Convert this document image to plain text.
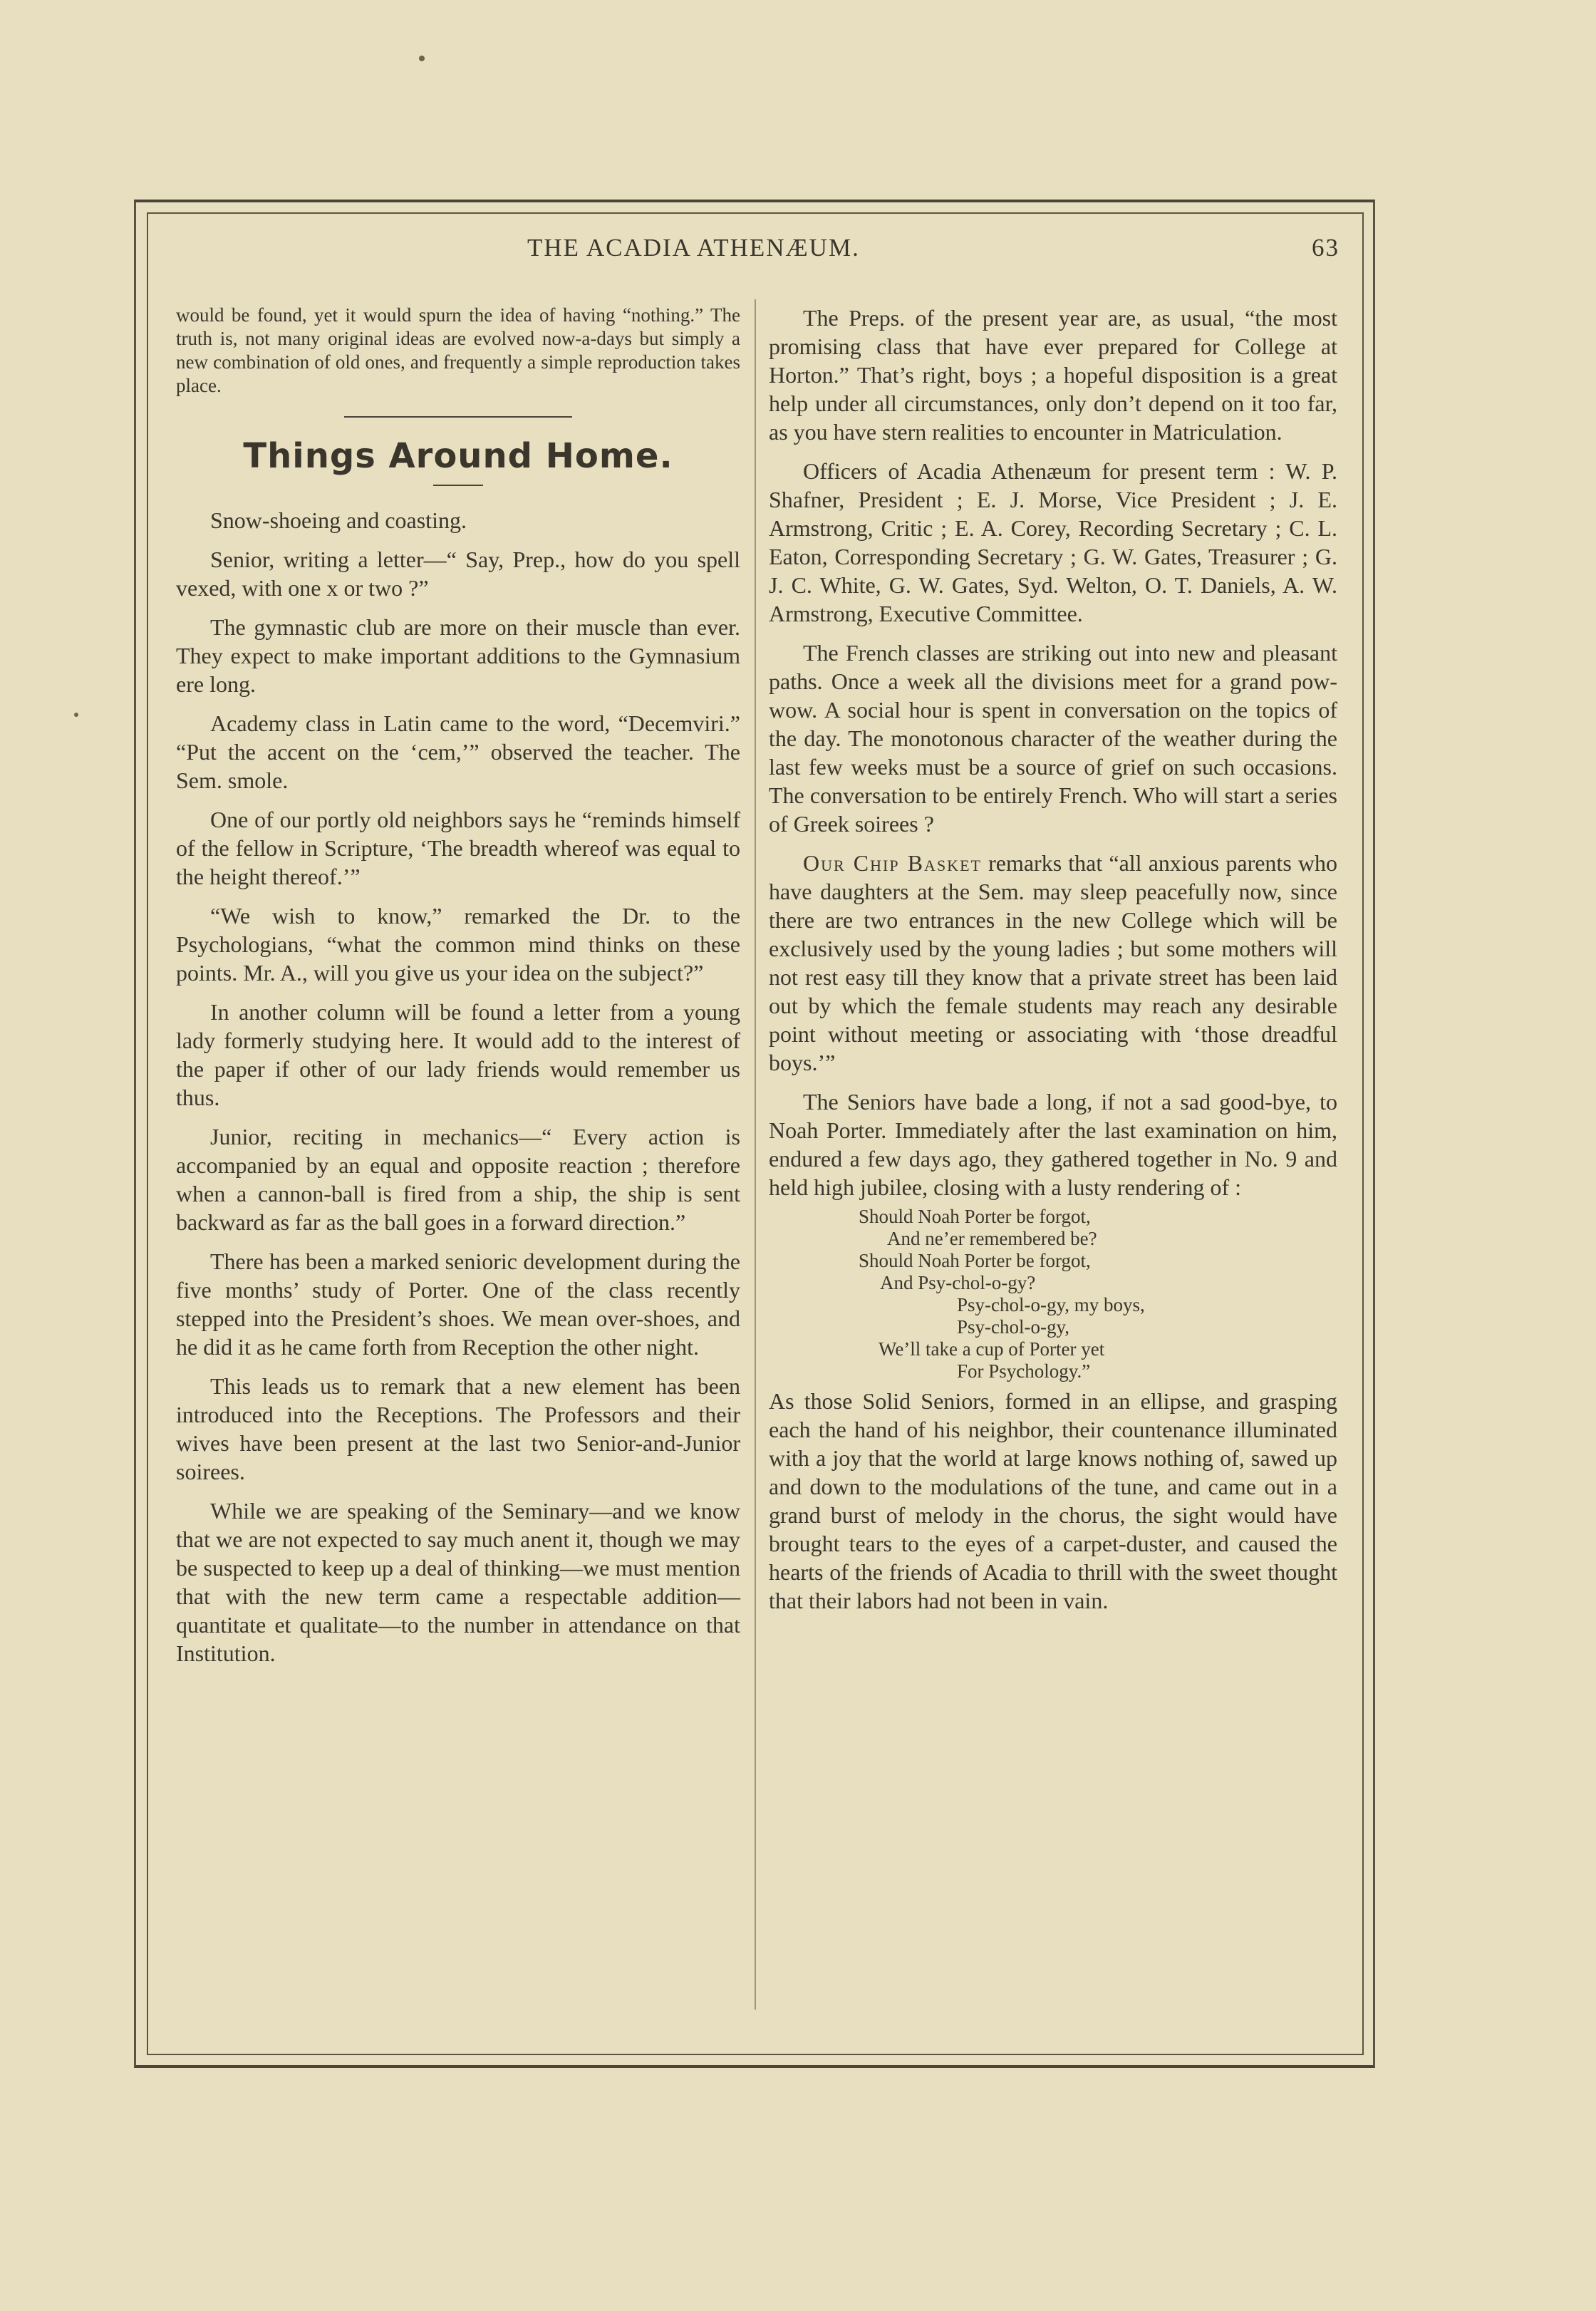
THE ACADIA ATHENÆUM.	63

would be found, yet it would spurn the idea of having “nothing.” The truth is, not many original ideas are evolved now-a-days but simply a new combination of old ones, and frequently a simple reproduction takes place.

Things Around Home.

Snow-shoeing and coasting.

Senior, writing a letter—“ Say, Prep., how do you spell vexed, with one x or two ?”

The gymnastic club are more on their muscle than ever. They expect to make important additions to the Gymnasium ere long.

Academy class in Latin came to the word, “Decemviri.” “Put the accent on the ‘cem,’” observed the teacher. The Sem. smole.

One of our portly old neighbors says he “reminds himself of the fellow in Scripture, ‘The breadth whereof was equal to the height thereof.’”

“We wish to know,” remarked the Dr. to the Psychologians, “what the common mind thinks on these points. Mr. A., will you give us your idea on the subject?”

In another column will be found a letter from a young lady formerly studying here. It would add to the interest of the paper if other of our lady friends would remember us thus.

Junior, reciting in mechanics—“ Every action is accompanied by an equal and opposite reaction ; therefore when a cannon-ball is fired from a ship, the ship is sent backward as far as the ball goes in a forward direction.”

There has been a marked senioric development during the five months’ study of Porter. One of the class recently stepped into the President’s shoes. We mean over-shoes, and he did it as he came forth from Reception the other night.

This leads us to remark that a new element has been introduced into the Receptions. The Professors and their wives have been present at the last two Senior-and-Junior soirees.

While we are speaking of the Seminary—and we know that we are not expected to say much anent it, though we may be suspected to keep up a deal of thinking—we must mention that with the new term came a respectable addition—quantitate et qualitate—to the number in attendance on that Institution.

The Preps. of the present year are, as usual, “the most promising class that have ever prepared for College at Horton.” That’s right, boys ; a hopeful disposition is a great help under all circumstances, only don’t depend on it too far, as you have stern realities to encounter in Matriculation.

Officers of Acadia Athenæum for present term : W. P. Shafner, President ; E. J. Morse, Vice President ; J. E. Armstrong, Critic ; E. A. Corey, Recording Secretary ; C. L. Eaton, Corresponding Secretary ; G. W. Gates, Treasurer ; G. J. C. White, G. W. Gates, Syd. Welton, O. T. Daniels, A. W. Armstrong, Executive Committee.

The French classes are striking out into new and pleasant paths. Once a week all the divisions meet for a grand pow-wow. A social hour is spent in conversation on the topics of the day. The monotonous character of the weather during the last few weeks must be a source of grief on such occasions. The conversation to be entirely French. Who will start a series of Greek soirees ?

Our Chip Basket remarks that “all anxious parents who have daughters at the Sem. may sleep peacefully now, since there are two entrances in the new College which will be exclusively used by the young ladies ; but some mothers will not rest easy till they know that a private street has been laid out by which the female students may reach any desirable point without meeting or associating with ‘those dreadful boys.’”

The Seniors have bade a long, if not a sad good-bye, to Noah Porter. Immediately after the last examination on him, endured a few days ago, they gathered together in No. 9 and held high jubilee, closing with a lusty rendering of :

Should Noah Porter be forgot,
And ne’er remembered be?
Should Noah Porter be forgot,
And Psy-chol-o-gy?
Psy-chol-o-gy, my boys,
Psy-chol-o-gy,
We’ll take a cup of Porter yet
For Psychology.”

As those Solid Seniors, formed in an ellipse, and grasping each the hand of his neighbor, their countenance illuminated with a joy that the world at large knows nothing of, sawed up and down to the modulations of the tune, and came out in a grand burst of melody in the chorus, the sight would have brought tears to the eyes of a carpet-duster, and caused the hearts of the friends of Acadia to thrill with the sweet thought that their labors had not been in vain.
